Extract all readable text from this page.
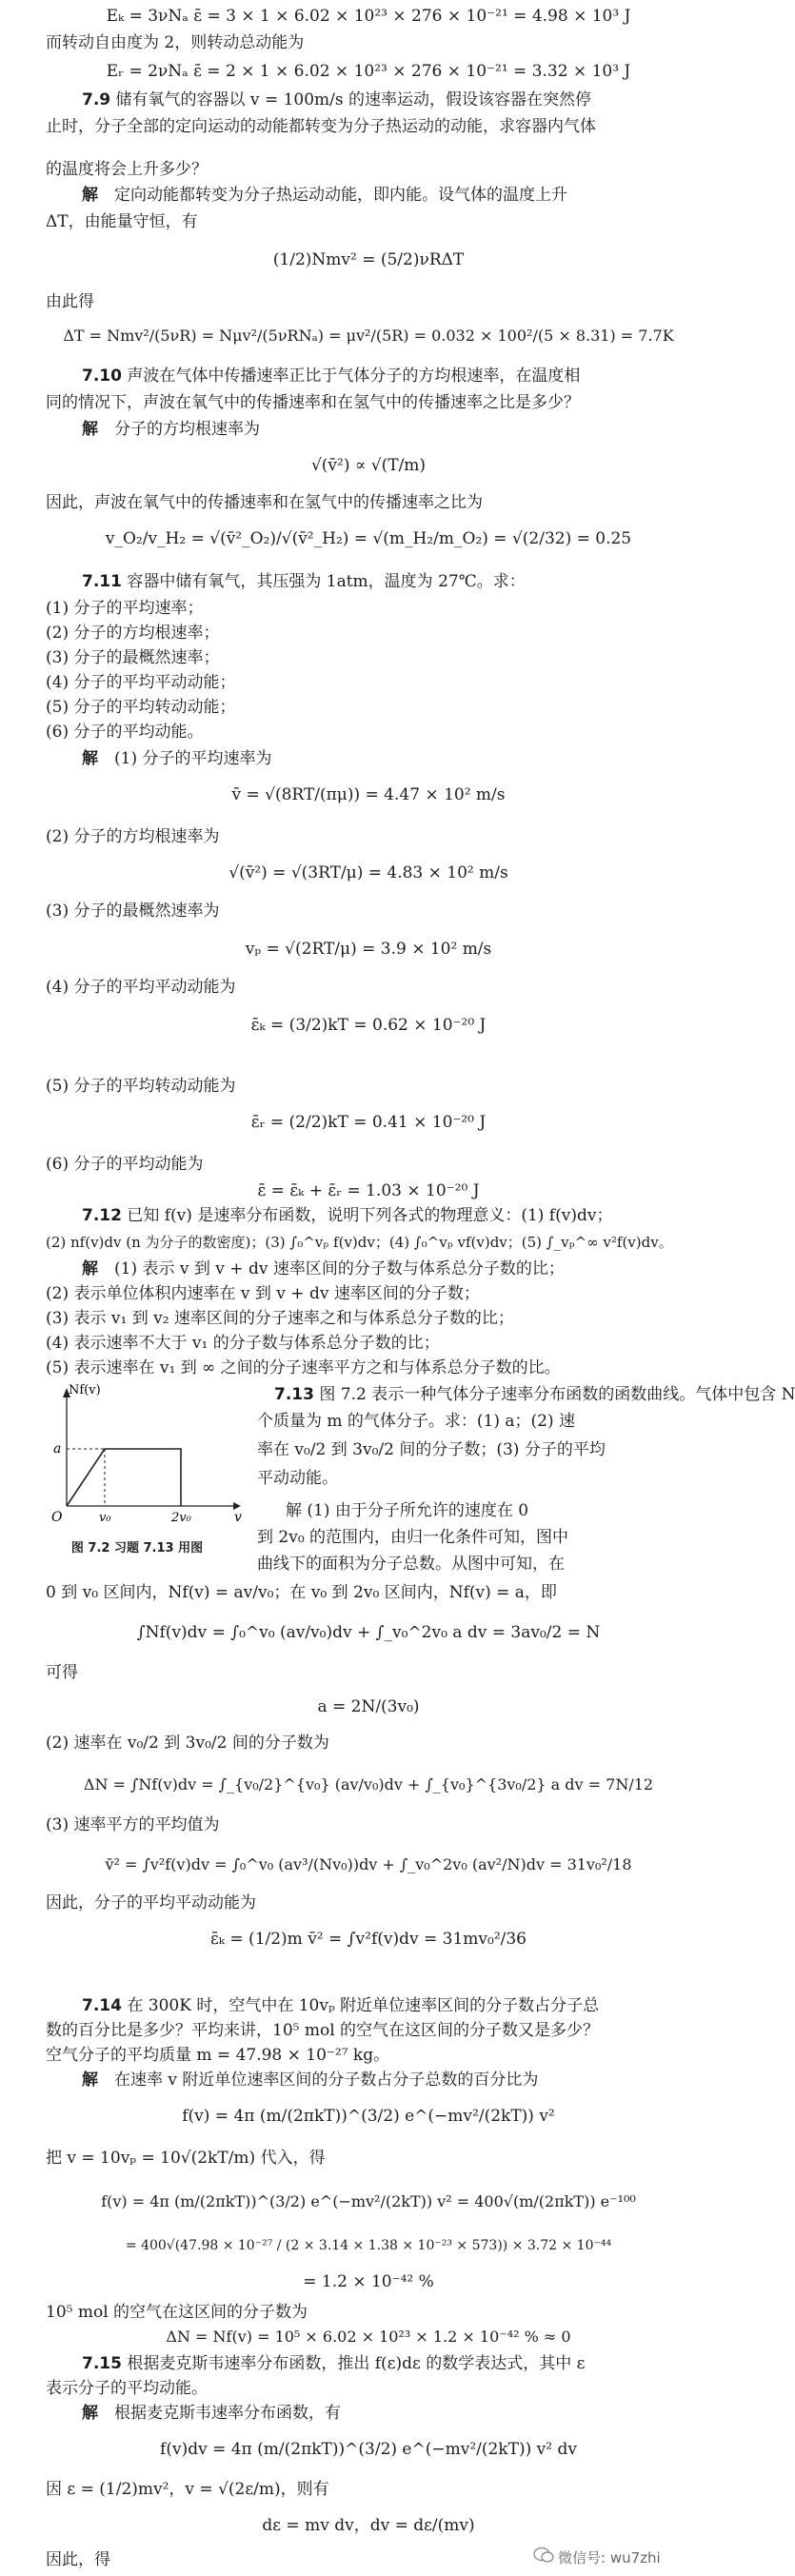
Eₖ = 3νNₐ ε̄ = 3 × 1 × 6.02 × 10²³ × 276 × 10⁻²¹ = 4.98 × 10³ J
而转动自由度为 2，则转动总动能为
Eᵣ = 2νNₐ ε̄ = 2 × 1 × 6.02 × 10²³ × 276 × 10⁻²¹ = 3.32 × 10³ J
7.9 储有氧气的容器以 v = 100m/s 的速率运动，假设该容器在突然停
止时，分子全部的定向运动的动能都转变为分子热运动的动能，求容器内气体
的温度将会上升多少？
解　 定向动能都转变为分子热运动动能，即内能。设气体的温度上升
ΔT，由能量守恒，有
(1/2)Nmv² = (5/2)νRΔT
由此得
ΔT = Nmv²/(5νR) = Nμv²/(5νRNₐ) = μv²/(5R) = 0.032 × 100²/(5 × 8.31) = 7.7K
7.10 声波在气体中传播速率正比于气体分子的方均根速率，在温度相
同的情况下，声波在氧气中的传播速率和在氢气中的传播速率之比是多少？
解　 分子的方均根速率为
√(v̄²) ∝ √(T/m)
因此，声波在氧气中的传播速率和在氢气中的传播速率之比为
v_O₂/v_H₂ = √(v̄²_O₂)/√(v̄²_H₂) = √(m_H₂/m_O₂) = √(2/32) = 0.25
7.11 容器中储有氧气，其压强为 1atm，温度为 27℃。求：
(1) 分子的平均速率；
(2) 分子的方均根速率；
(3) 分子的最概然速率；
(4) 分子的平均平动动能；
(5) 分子的平均转动动能；
(6) 分子的平均动能。
解　 (1) 分子的平均速率为
v̄ = √(8RT/(πμ)) = 4.47 × 10² m/s
(2) 分子的方均根速率为
√(v̄²) = √(3RT/μ) = 4.83 × 10² m/s
(3) 分子的最概然速率为
vₚ = √(2RT/μ) = 3.9 × 10² m/s
(4) 分子的平均平动动能为
ε̄ₖ = (3/2)kT = 0.62 × 10⁻²⁰ J
(5) 分子的平均转动动能为
ε̄ᵣ = (2/2)kT = 0.41 × 10⁻²⁰ J
(6) 分子的平均动能为
ε̄ = ε̄ₖ + ε̄ᵣ = 1.03 × 10⁻²⁰ J
7.12 已知 f(v) 是速率分布函数，说明下列各式的物理意义：(1) f(v)dv；
(2) nf(v)dv (n 为分子的数密度)；(3) ∫₀^vₚ f(v)dv；(4) ∫₀^vₚ vf(v)dv；(5) ∫_vₚ^∞ v²f(v)dv。
解　 (1) 表示 v 到 v + dv 速率区间的分子数与体系总分子数的比；
(2) 表示单位体积内速率在 v 到 v + dv 速率区间的分子数；
(3) 表示 v₁ 到 v₂ 速率区间的分子速率之和与体系总分子数的比；
(4) 表示速率不大于 v₁ 的分子数与体系总分子数的比；
(5) 表示速率在 v₁ 到 ∞ 之间的分子速率平方之和与体系总分子数的比。
Nf(v)
a
O	v₀	2v₀	v
图 7.2 习题 7.13 用图
7.13 图 7.2 表示一种气体分子速率分布函数的函数曲线。气体中包含 N
个质量为 m 的气体分子。求：(1) a；(2) 速
率在 v₀/2 到 3v₀/2 间的分子数；(3) 分子的平均
平动动能。
解 (1) 由于分子所允许的速度在 0
到 2v₀ 的范围内，由归一化条件可知，图中
曲线下的面积为分子总数。从图中可知，在
0 到 v₀ 区间内，Nf(v) = av/v₀；在 v₀ 到 2v₀ 区间内，Nf(v) = a，即
∫Nf(v)dv = ∫₀^v₀ (av/v₀)dv + ∫_v₀^2v₀ a dv = 3av₀/2 = N
可得
a = 2N/(3v₀)
(2) 速率在 v₀/2 到 3v₀/2 间的分子数为
ΔN = ∫Nf(v)dv = ∫_{v₀/2}^{v₀} (av/v₀)dv + ∫_{v₀}^{3v₀/2} a dv = 7N/12
(3) 速率平方的平均值为
v̄² = ∫v²f(v)dv = ∫₀^v₀ (av³/(Nv₀))dv + ∫_v₀^2v₀ (av²/N)dv = 31v₀²/18
因此，分子的平均平动动能为
ε̄ₖ = (1/2)m v̄² = ∫v²f(v)dv = 31mv₀²/36
7.14 在 300K 时，空气中在 10vₚ 附近单位速率区间的分子数占分子总
数的百分比是多少？平均来讲，10⁵ mol 的空气在这区间的分子数又是多少？
空气分子的平均质量 m = 47.98 × 10⁻²⁷ kg。
解　 在速率 v 附近单位速率区间的分子数占分子总数的百分比为
f(v) = 4π (m/(2πkT))^(3/2) e^(−mv²/(2kT)) v²
把 v = 10vₚ = 10√(2kT/m) 代入，得
f(v) = 4π (m/(2πkT))^(3/2) e^(−mv²/(2kT)) v² = 400√(m/(2πkT)) e⁻¹⁰⁰
= 400√(47.98 × 10⁻²⁷ / (2 × 3.14 × 1.38 × 10⁻²³ × 573)) × 3.72 × 10⁻⁴⁴
= 1.2 × 10⁻⁴² %
10⁵ mol 的空气在这区间的分子数为
ΔN = Nf(v) = 10⁵ × 6.02 × 10²³ × 1.2 × 10⁻⁴² % ≈ 0
7.15 根据麦克斯韦速率分布函数，推出 f(ε)dε 的数学表达式，其中 ε
表示分子的平均动能。
解　 根据麦克斯韦速率分布函数，有
f(v)dv = 4π (m/(2πkT))^(3/2) e^(−mv²/(2kT)) v² dv
因 ε = (1/2)mv²，v = √(2ε/m)，则有
dε = mv dv，dv = dε/(mv)
因此，得	微信号: wu7zhi
